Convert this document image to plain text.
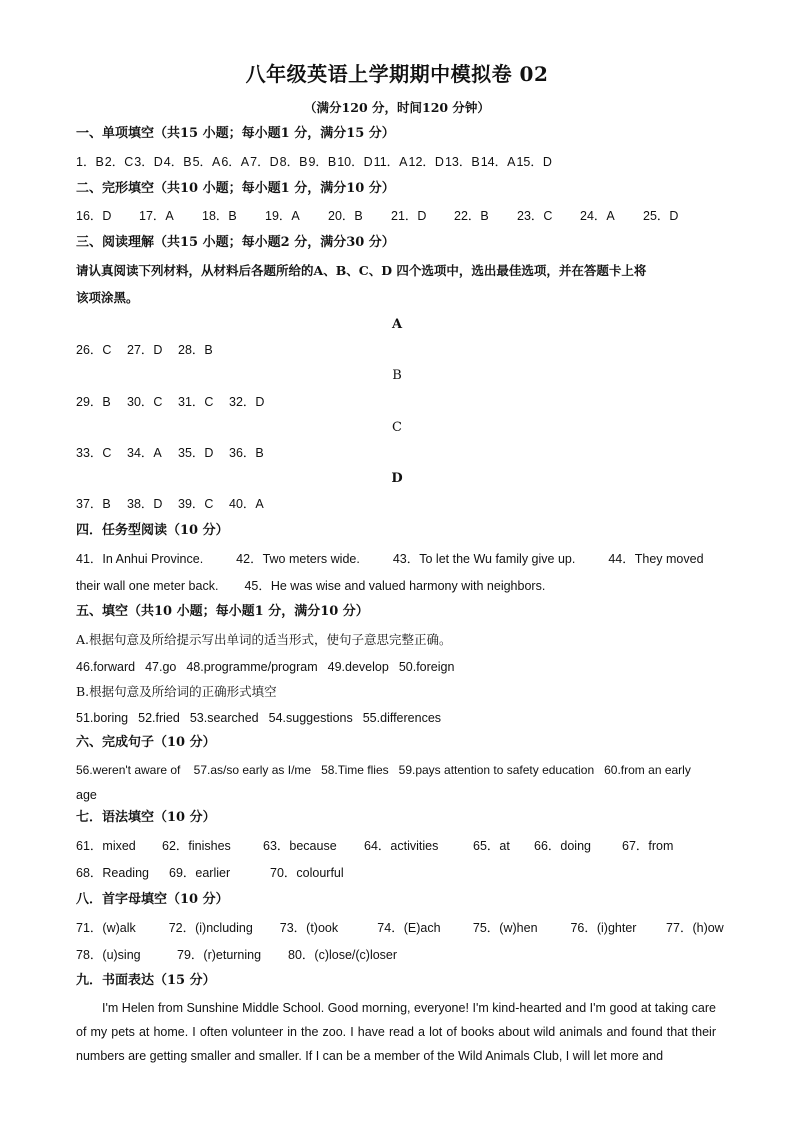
八年级英语上学期期中模拟卷 02
（满分120 分，时间120 分钟）
一、单项填空（共15 小题；每小题1 分，满分15 分）
1．B 2．C 3．D 4．B 5．A 6．A 7．D 8．B 9．B 10．D 11．A 12．D 13．B 14．A 15．D
二、完形填空（共10 小题；每小题1 分，满分10 分）
16．D	17．A	18．B	19．A	20．B	21．D	22．B	23．C	24．A	25．D
三、阅读理解（共15 小题；每小题2 分，满分30 分）
请认真阅读下列材料，从材料后各题所给的A、B、C、D 四个选项中，选出最佳选项，并在答题卡上将
该项涂黑。
A
26．C	27．D	28．B
B
29．B	30．C	31．C	32．D
C
33．C	34．A	35．D	36．B
D
37．B	38．D	39．C	40．A
四．任务型阅读（10 分）
41．In Anhui Province.	42．Two meters wide.	43．To let the Wu family give up.	44．They moved
their wall one meter back. 45．He was wise and valued harmony with neighbors.
五、填空（共10 小题；每小题1 分，满分10 分）
A.根据句意及所给提示写出单词的适当形式，使句子意思完整正确。
46.forward 47.go 48.programme/program 49.develop 50.foreign
B.根据句意及所给词的正确形式填空
51.boring 52.fried 53.searched 54.suggestions 55.differences
六、完成句子（10 分）
56.weren't aware of    57.as/so early as I/me   58.Time flies   59.pays attention to safety education   60.from an early
age
七．语法填空（10 分）
61．mixed	62．finishes	63．because	64．activities	65．at	66．doing	67．from
68．Reading	69．earlier	70．colourful
八．首字母填空（10 分）
71．(w)alk	72．(i)ncluding	73．(t)ook	74．(E)ach	75．(w)hen	76．(i)ghter	77．(h)ow
78．(u)sing	79．(r)eturning	80．(c)lose/(c)loser
九．书面表达（15 分）
I'm Helen from Sunshine Middle School. Good morning, everyone! I'm kind-hearted and I'm good at taking care of my pets at home. I often volunteer in the zoo. I have read a lot of books about wild animals and found that their numbers are getting smaller and smaller. If I can be a member of the Wild Animals Club, I will let more and
